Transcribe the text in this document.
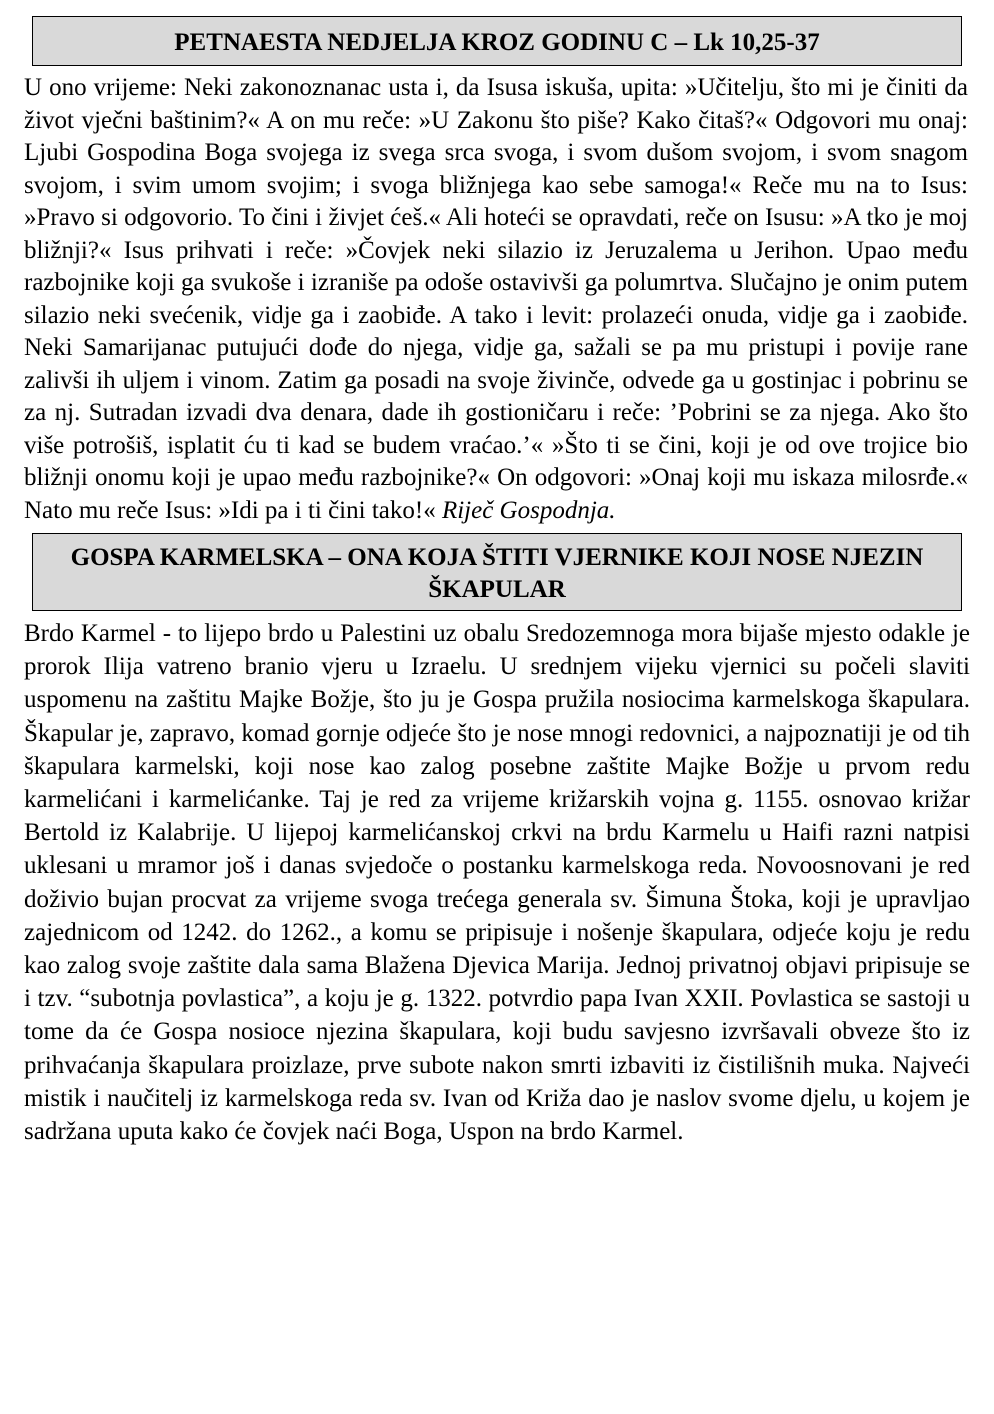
PETNAESTA NEDJELJA KROZ GODINU C – Lk 10,25-37

U ono vrijeme: Neki zakonoznanac usta i, da Isusa iskuša, upita: »Učitelju, što mi je činiti da život vječni baštinim?« A on mu reče: »U Zakonu što piše? Kako čitaš?« Odgovori mu onaj: Ljubi Gospodina Boga svojega iz svega srca svoga, i svom dušom svojom, i svom snagom svojom, i svim umom svojim; i svoga bližnjega kao sebe samoga!« Reče mu na to Isus: »Pravo si odgovorio. To čini i živjet ćeš.« Ali hoteći se opravdati, reče on Isusu: »A tko je moj bližnji?« Isus prihvati i reče: »Čovjek neki silazio iz Jeruzalema u Jerihon. Upao među razbojnike koji ga svukoše i izraniše pa odoše ostavivši ga polumrtva. Slučajno je onim putem silazio neki svećenik, vidje ga i zaobiđe. A tako i levit: prolazeći onuda, vidje ga i zaobiđe. Neki Samarijanac putujući dođe do njega, vidje ga, sažali se pa mu pristupi i povije rane zalivši ih uljem i vinom. Zatim ga posadi na svoje živinče, odvede ga u gostinjac i pobrinu se za nj. Sutradan izvadi dva denara, dade ih gostioničaru i reče: ’Pobrini se za njega. Ako što više potrošiš, isplatit ću ti kad se budem vraćao.’« »Što ti se čini, koji je od ove trojice bio bližnji onomu koji je upao među razbojnike?« On odgovori: »Onaj koji mu iskaza milosrđe.« Nato mu reče Isus: »Idi pa i ti čini tako!« Riječ Gospodnja.

GOSPA KARMELSKA – ONA KOJA ŠTITI VJERNIKE KOJI NOSE NJEZIN ŠKAPULAR

Brdo Karmel - to lijepo brdo u Palestini uz obalu Sredozemnoga mora bijaše mjesto odakle je prorok Ilija vatreno branio vjeru u Izraelu. U srednjem vijeku vjernici su počeli slaviti uspomenu na zaštitu Majke Božje, što ju je Gospa pružila nosiocima karmelskoga škapulara. Škapular je, zapravo, komad gornje odjeće što je nose mnogi redovnici, a najpoznatiji je od tih škapulara karmelski, koji nose kao zalog posebne zaštite Majke Božje u prvom redu karmelićani i karmelićanke. Taj je red za vrijeme križarskih vojna g. 1155. osnovao križar Bertold iz Kalabrije. U lijepoj karmelićanskoj crkvi na brdu Karmelu u Haifi razni natpisi uklesani u mramor još i danas svjedoče o postanku karmelskoga reda. Novoosnovani je red doživio bujan procvat za vrijeme svoga trećega generala sv. Šimuna Štoka, koji je upravljao zajednicom od 1242. do 1262., a komu se pripisuje i nošenje škapulara, odjeće koju je redu kao zalog svoje zaštite dala sama Blažena Djevica Marija. Jednoj privatnoj objavi pripisuje se i tzv. “subotnja povlastica”, a koju je g. 1322. potvrdio papa Ivan XXII. Povlastica se sastoji u tome da će Gospa nosioce njezina škapulara, koji budu savjesno izvršavali obveze što iz prihvaćanja škapulara proizlaze, prve subote nakon smrti izbaviti iz čistilišnih muka. Najveći mistik i naučitelj iz karmelskoga reda sv. Ivan od Križa dao je naslov svome djelu, u kojem je sadržana uputa kako će čovjek naći Boga, Uspon na brdo Karmel.
